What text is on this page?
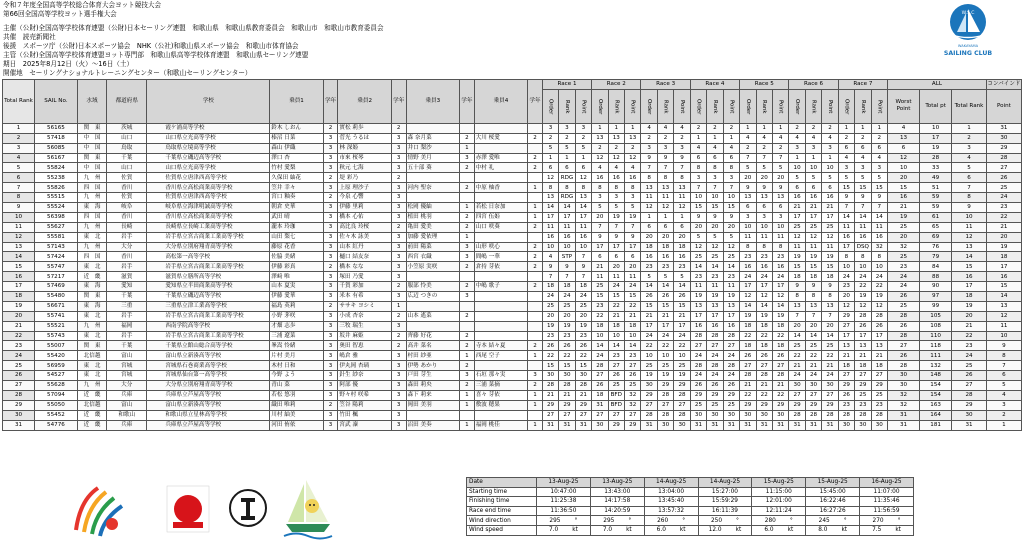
令和７年度全国高等学校総合体育大会ヨット競技大会
第66回全国高等学校ヨット選手権大会
主催（公財)全国高等学校体育連盟（公財)日本セーリング連盟　和歌山県　和歌山県教育委員会　和歌山市　和歌山市教育委員会
共催　読売新聞社
後援　スポーツ庁（公財)日本スポーツ協会　NHK（公社)和歌山県スポーツ協会　和歌山市体育協会
主管（公財)全国高等学校体育連盟ヨット専門部　和歌山県高等学校体育連盟　和歌山県セーリング連盟
期日　2025年8月12日（火）～16日（土）
開催地　セーリングナショナルトレーニングセンター（和歌山セーリングセンター）
W.S.C
WAKAYAMA
SAILING CLUB
Total Rank	SAIL No.	水域	都道府県	学校	乗員1	学年	乗員2	学年	乗員3	学年	乗員4	学年	Race 1			Race 2			Race 3			Race 4			Race 5			Race 6			Race 7			ALL			コンバインド
													Order	Rank	Point	Order	Rank	Point	Order	Rank	Point	Order	Rank	Point	Order	Rank	Point	Order	Rank	Point	Order	Rank	Point	Worst Point	Total pt	Total Rank	Point
1	56165	関　東	茨城	霞ケ浦高等学校	鈴木 しおん	2	實松 莉歩	2					3	3	3	1	1	1	4	4	4	2	2	2	1	1	1	2	2	2	1	1	1	4	10	1	31
2	57418	中　国	山口	山口県立光高等学校	榛沼 日菜	3	菅光 うるは	3	森 奈月菜	2	大川 桜愛	2	2	2	2	13	13	13	2	2	2	1	1	1	4	4	4	4	4	4	2	2	2	13	17	2	30
3	56085	中　国	鳥取	鳥取県立境高等学校	森山 伊織	3	林 深姫	3	井口 梨沙	1			5	5	5	2	2	2	3	3	3	4	4	4	2	2	2	3	3	3	6	6	6	6	19	3	29
4	56167	関　東	千葉	千葉県立磯辺高等学校	澤口 杏	3	市來 桜琴	3	情野 美月	3	赤澤 愛唯	2	1	1	1	12	12	12	9	9	9	6	6	6	7	7	7	1	1	1	4	4	4	12	28	4	28
5	55824	中　国	山口	山口県立光高等学校	竹村 愛梨	3	秋元 七海	3	五十部 葵	2	中村 礼	2	6	6	6	4	4	4	7	7	7	8	8	8	5	5	5	10	10	10	3	3	3	10	33	5	27
6	55238	九　州	佐賀	佐賀県立唐津西高等学校	久保田 紬花	2	堤 彩乃	2					12	RDG	12	16	16	16	8	8	8	3	3	3	20	20	20	5	5	5	5	5	5	20	49	6	26
7	55826	四　国	香川	香川県立高松商業高等学校	笠井 幸々	3	上原 理沙子	3	河内 聖奈	2	中原 柚香	1	8	8	8	8	8	8	13	13	13	7	7	7	9	9	9	6	6	6	15	15	15	15	51	7	25
8	55515	九　州	佐賀	佐賀県立唐津西高等学校	宮口 釉奏	2	今泉 心響	3					13	RDG	13	3	3	3	11	11	11	10	10	10	13	13	13	16	16	16	9	9	9	16	59	8	24
9	55524	東　海	岐阜	岐阜県立海津明誠高等学校	朝倉 史華	3	伊藤 里莉	3	松岡 優紬	1	若松 日奈加	1	14	14	14	5	5	5	12	12	12	15	15	15	6	6	6	21	21	21	7	7	7	21	59	9	23
10	56398	四　国	香川	香川県立高松商業高等学校	武田 晴	3	橋本 心佑	3	植田 桃羽	2	四宮 伍姫	1	17	17	17	20	19	19	1	1	1	9	9	9	3	3	3	17	17	17	14	14	14	19	61	10	22
11	55627	九　州	長崎	長崎県立長崎工業高等学校	瀧本 玲珈	3	高比良 玲桜	2	亀田 愛美	2	山口 咲葵	2	11	11	11	7	7	7	6	6	6	20	20	20	10	10	10	25	25	25	11	11	11	25	65	11	21
12	55581	東　北	岩手	岩手県立宮古商業工業高等学校	山田 梨七	3	佐々木 詠美	3	加藤 愛依理	1			16	16	16	9	9	9	20	20	20	5	5	5	11	11	11	12	12	12	16	16	16	20	69	12	20
13	57143	九　州	大分	大分県立別府翔青高等学校	藤原 花香	3	山本 紅丹	3	前田 陽菜	3	山形 咲心	2	10	10	10	17	17	17	18	18	18	12	12	12	8	8	8	11	11	11	17	DSQ	32	32	76	13	19
14	57424	四　国	香川	高松第一高等学校	佐脇 美緒	3	樋口 結友奈	3	西宮 衣織	3	間嶋 一華	2	4	STP	7	6	6	6	16	16	16	25	25	25	23	23	23	19	19	19	8	8	8	25	79	14	18
15	55747	東　北	岩手	岩手県立宮古商業工業高等学校	伊藤 彩真	2	橋本 なな	3	小笠原 実咲	2	倉持 芽依	2	9	9	9	21	20	20	23	23	23	14	14	14	16	16	16	15	15	15	10	10	10	23	84	15	17
16	57217	近　畿	滋賀	滋賀県立膳所高等学校	澤﨑 唯	3	塚田 乃愛	3					7	7	7	11	11	11	5	5	5	23	23	23	24	24	24	18	18	18	24	24	24	24	88	16	16
17	57469	東　海	愛知	愛知県立半田商業高等学校	山本 夏実	3	千賀 彩加	2	服部 怜美	2	中嶋 歌子	2	18	18	18	25	24	24	14	14	14	11	11	11	17	17	17	9	9	9	23	22	22	24	90	17	15
18	55480	関　東	千葉	千葉県立磯辺高等学校	伊藤 愛華	3	米本 有希	3	広辺 つきの	3			24	24	24	15	15	15	26	26	26	19	19	19	12	12	12	8	8	8	20	19	19	26	97	18	14
19	56671	東　海	三重	三重県立津工業高等学校	福島 英莉	2	ササキ ヨシミ	1					25	25	25	23	22	22	15	15	15	13	13	13	14	14	14	13	13	13	12	12	12	25	99	19	13
20	55741	東　北	岩手	岩手県立宮古商業工業高等学校	小野 茅咲	3	小成 杏奈	2	山本 遙菜	2			20	20	20	22	21	21	21	21	21	17	17	17	19	19	19	7	7	7	29	28	28	28	105	20	12
21	55521	九　州	福岡	西南学院高等学校	才畑 志歩	3	三牧 瑞生	3					19	19	19	18	18	18	17	17	17	16	16	16	18	18	18	20	20	20	27	26	26	26	108	21	11
22	55743	東　北	岩手	岩手県立宮古商業工業高等学校	三浦 遼菜	3	坂井 麻姫	2	齊藤 好花	2			23	23	23	10	10	10	24	24	24	28	28	28	22	22	22	14	14	14	17	17	17	28	110	22	10
23	55007	関　東	千葉	千葉県立館山総合高等学校	峯嵩 怜緒	3	奥田 智恵	2	高井 菜名	2	寺本 結々夏	2	26	26	26	14	14	14	22	22	22	27	27	27	18	18	18	25	25	25	13	13	13	27	118	23	9
24	55420	北信越	富山	富山県立新湊高等学校	片村 美月	3	嶋倉 雅	3	村田 紗亜	1	西尾 空子	1	22	22	22	24	23	23	10	10	10	24	24	24	26	26	26	22	22	22	21	21	21	26	111	24	8
25	56959	東　北	宮城	宮城県石巻商業高等学校	木村 日和	3	伊丸岡 杏璃	3	伊勢 あかり	2			15	15	15	28	27	27	25	25	25	28	28	28	27	27	27	21	21	21	18	18	18	28	132	25	7
26	54527	東　北	宮城	宮城県仙台第一高等学校	今野 よう	3	針生 紗奈	3	戸田 芽生	3	石垣 那々実	3	30	30	30	27	26	26	19	19	19	24	24	24	28	28	28	24	24	24	27	27	27	30	148	26	6
27	55628	九　州	大分	大分県立別府翔青高等学校	青山 菜	3	阿部 優	3	森田 莉央	2	三浦 菜摘	2	28	28	28	26	25	25	30	29	29	26	26	26	21	21	21	30	30	30	29	29	29	30	154	27	5
28	57094	近　畿	兵庫	兵庫県立芦屋高等学校	若松 悠羽	3	野々村 咲希	3	森下 莉来	1	喜々 芽依	1	21	21	21	18	BFD	32	29	28	28	29	29	29	22	22	22	27	27	27	26	25	25	32	154	28	4
29	55050	北信越	富山	富山県立新湊高等学校	織田 唯莉	2	笠谷 陽莉	3	岡田 美羽	1	敷波 穂果	1	29	29	29	31	BFD	32	27	27	27	25	25	25	29	29	29	29	29	29	23	23	23	32	163	29	3
30	55452	近　畿	和歌山	和歌山県立星林高等学校	川村 紬美	3	竹田 楓	3					27	27	27	27	27	27	28	28	28	30	30	30	30	30	30	28	28	28	28	28	28	31	164	30	2
31	54776	近　畿	兵庫	兵庫県立芦屋高等学校	河田 侑依	3	宮武 凜	3	沼田 美奏	1	福岡 桃佳	1	31	31	31	30	29	29	31	30	30	31	31	31	31	31	31	31	31	31	30	30	30	31	181	31	1
Date	13-Aug-25	13-Aug-25	14-Aug-25	14-Aug-25	15-Aug-25	15-Aug-25	16-Aug-25
Starting time	10:47:00	13:43:00	13:04:00	15:27:00	11:15:00	15:45:00	11:07:00
Finishing time	11:25:38	14:17:58	13:45:40	15:59:29	12:01:00	16:22:46	11:35:46
Race end time	11:36:50	14:20:59	13:57:32	16:11:39	12:11:24	16:27:26	11:56:59
Wind direction	295 °	295 °	260 °	250 °	280 °	245 °	270 °
Wind speed	7.0 kt	7.0 kt	6.0 kt	12.0 kt	6.0 kt	8.0 kt	7.5 kt
